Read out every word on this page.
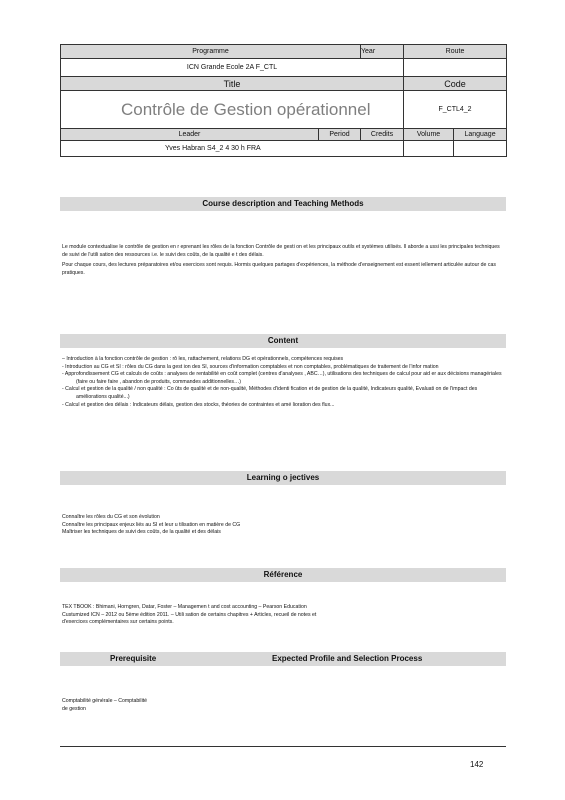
Programme		Year	Route	
ICN Grande Ecole 2A F_CTL				
Title			Code	
Contrôle de Gestion opérationnel			F_CTL4_2	
Leader	Period	Credits	Volume	Language
Yves Habran S4_2 4 30 h FRA				
Course description and Teaching Methods

Le module contextualise le contrôle de gestion en r eprenant les rôles de la fonction Contrôle de gesti on et les principaux outils et systèmes utilisés. Il aborde a ussi les principales techniques de suivi de l'utili sation des ressources i.e. le suivi des coûts, de la qualité e t des délais.

Pour chaque cours, des lectures préparatoires et/ou exercices sont requis. Hormis quelques partages d'expériences, la méthode d'enseignement est essent iellement articulée autour de cas pratiques.

Content
– Introduction à la fonction contrôle de gestion : rô les, rattachement, relations DG et opérationnels, compétences requises
- Introduction au CG et SI : rôles du CG dans la gest ion des SI, sources d'information comptables et non comptables, problématiques de traitement de l'infor mation
- Approfondissement CG et calculs de coûts : analyses de rentabilité en coût complet (centres d'analyses , ABC…), utilisations des techniques de calcul pour aid er aux décisions managériales (faire ou faire faire , abandon de produits, commandes additionnelles…)
- Calcul et gestion de la qualité / non qualité : Co ûts de qualité et de non-qualité, Méthodes d'identi fication et de gestion de la qualité, Indicateurs qualité, Evaluati on de l'impact des améliorations qualité...)
- Calcul et gestion des délais : Indicateurs délais, gestion des stocks, théories de contraintes et amé lioration des flux...
Learning o jectives
Connaître les rôles du CG et son évolution
Connaître les principaux enjeux liés au SI et leur u tilisation en matière de CG
Maîtriser les techniques de suivi des coûts, de la qualité et des délais
Référence
TEX TBOOK : Bhimani, Horngren, Datar, Foster – Managemen t and cost accounting – Pearson Education
Custumized ICN – 2012 ou 5ème édition 2011. – Utili sation de certains chapitres + Articles, recueil de notes et
d'exercices complémentaires sur certains points.
Prerequisite	Expected Profile and Selection Process
Comptabilité générale – Comptabilité
de gestion
142
